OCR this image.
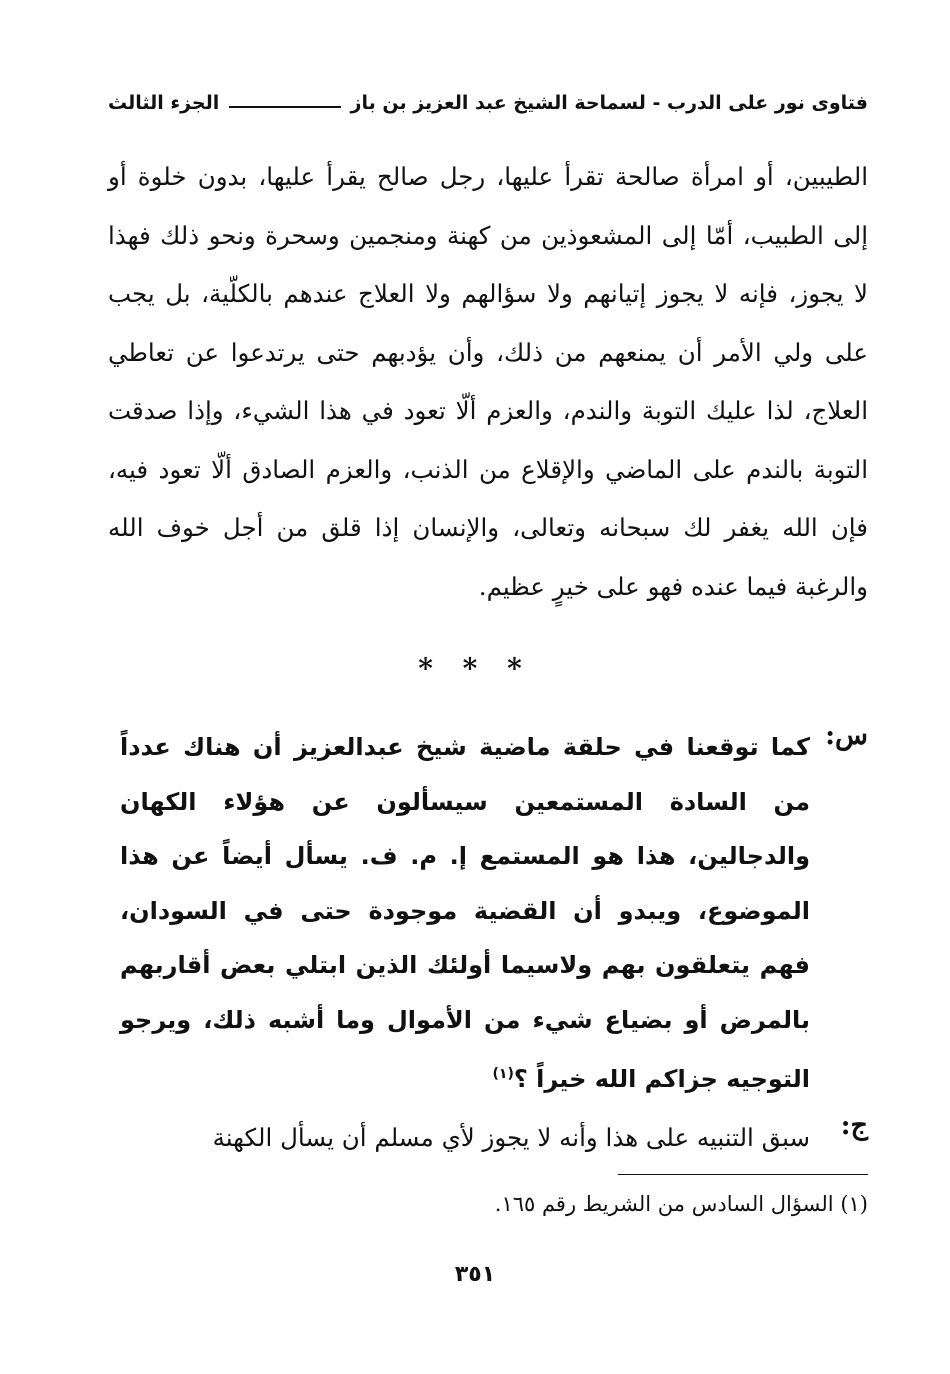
فتاوى نور على الدرب - لسماحة الشيخ عبد العزيز بن باز
الجزء الثالث
الطيبين، أو امرأة صالحة تقرأ عليها، رجل صالح يقرأ عليها، بدون خلوة أو إلى الطبيب، أمّا إلى المشعوذين من كهنة ومنجمين وسحرة ونحو ذلك فهذا لا يجوز، فإنه لا يجوز إتيانهم ولا سؤالهم ولا العلاج عندهم بالكلّية، بل يجب على ولي الأمر أن يمنعهم من ذلك، وأن يؤدبهم حتى يرتدعوا عن تعاطي العلاج، لذا عليك التوبة والندم، والعزم ألّا تعود في هذا الشيء، وإذا صدقت التوبة بالندم على الماضي والإقلاع من الذنب، والعزم الصادق ألّا تعود فيه، فإن الله يغفر لك سبحانه وتعالى، والإنسان إذا قلق من أجل خوف الله والرغبة فيما عنده فهو على خيرٍ عظيم.
* * *
س:
كما توقعنا في حلقة ماضية شيخ عبدالعزيز أن هناك عدداً من السادة المستمعين سيسألون عن هؤلاء الكهان والدجالين، هذا هو المستمع إ. م. ف. يسأل أيضاً عن هذا الموضوع، ويبدو أن القضية موجودة حتى في السودان، فهم يتعلقون بهم ولاسيما أولئك الذين ابتلي بعض أقاربهم بالمرض أو بضياع شيء من الأموال وما أشبه ذلك، ويرجو التوجيه جزاكم الله خيراً ؟$^{(١)}$
ج:
سبق التنبيه على هذا وأنه لا يجوز لأي مسلم أن يسأل الكهنة
(١) السؤال السادس من الشريط رقم ١٦٥.
٣٥١
